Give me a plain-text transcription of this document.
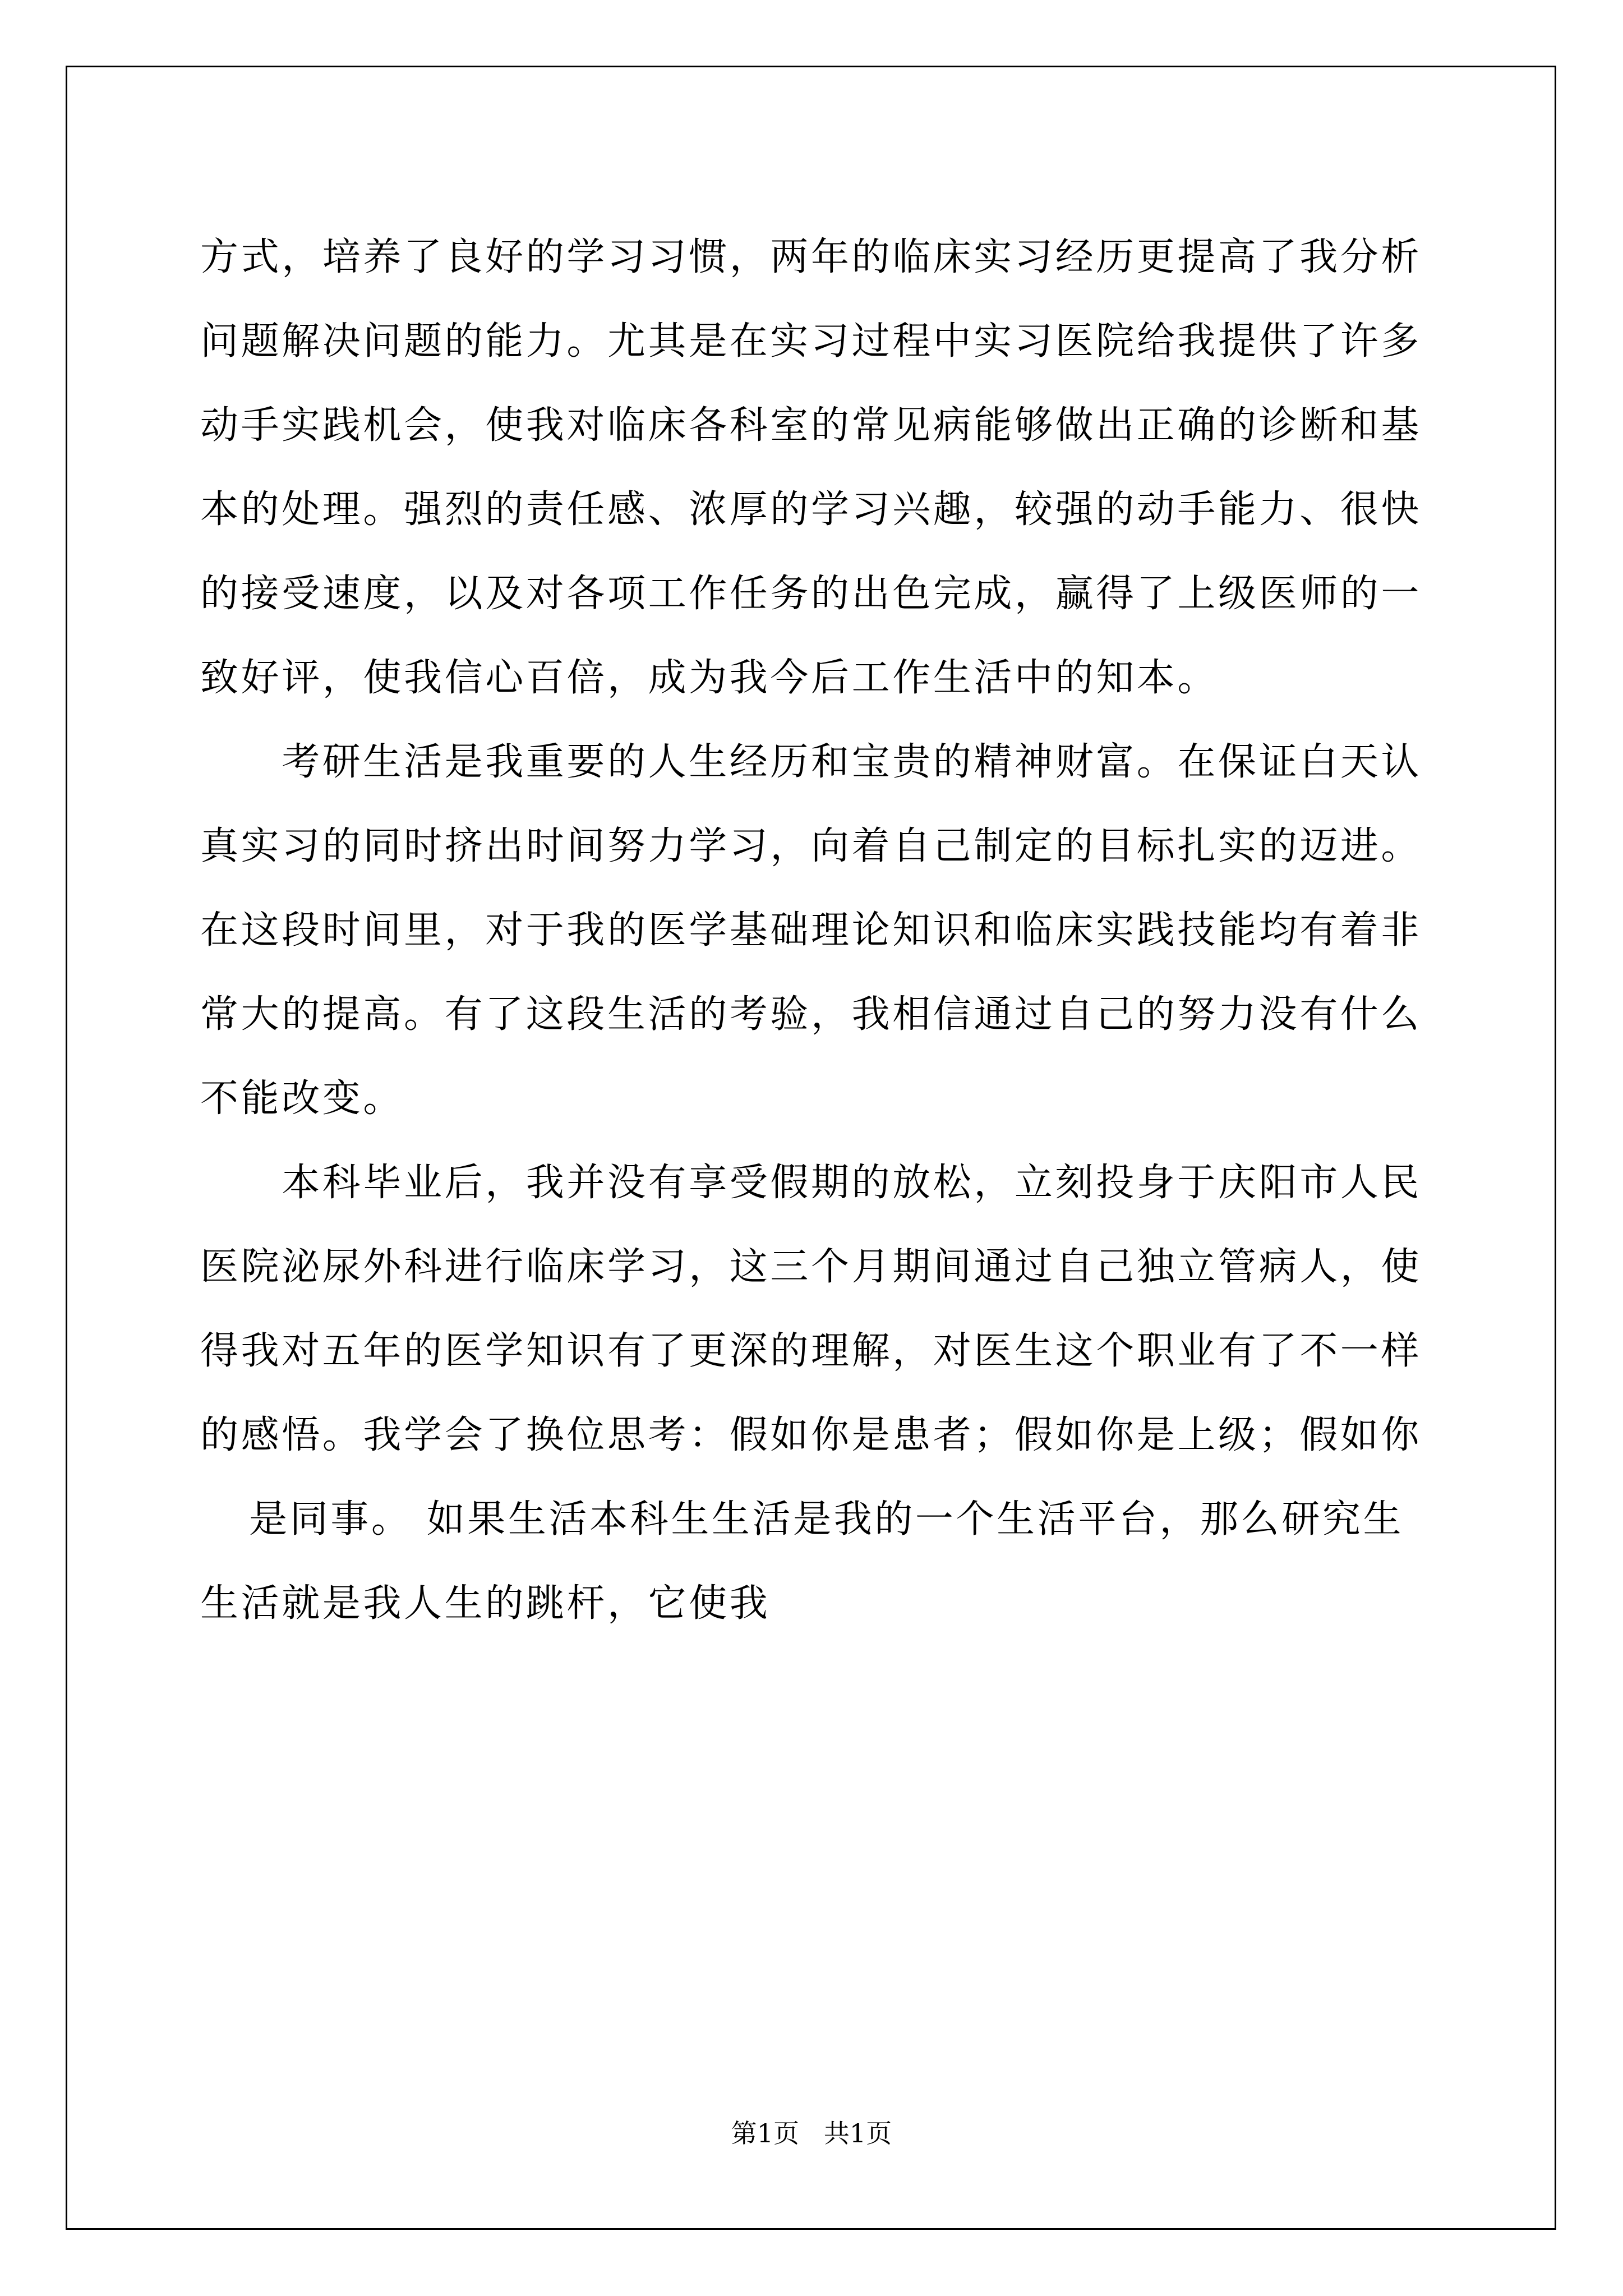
方式，培养了良好的学习习惯，两年的临床实习经历更提高了我分析
问题解决问题的能力。尤其是在实习过程中实习医院给我提供了许多
动手实践机会，使我对临床各科室的常见病能够做出正确的诊断和基
本的处理。强烈的责任感、浓厚的学习兴趣，较强的动手能力、很快
的接受速度，以及对各项工作任务的出色完成，赢得了上级医师的一
致好评，使我信心百倍，成为我今后工作生活中的知本。
考研生活是我重要的人生经历和宝贵的精神财富。在保证白天认
真实习的同时挤出时间努力学习，向着自己制定的目标扎实的迈进。
在这段时间里，对于我的医学基础理论知识和临床实践技能均有着非
常大的提高。有了这段生活的考验，我相信通过自己的努力没有什么
不能改变。
本科毕业后，我并没有享受假期的放松，立刻投身于庆阳市人民
医院泌尿外科进行临床学习，这三个月期间通过自己独立管病人，使
得我对五年的医学知识有了更深的理解，对医生这个职业有了不一样
的感悟。我学会了换位思考：假如你是患者；假如你是上级；假如你
是同事。 如果生活本科生生活是我的一个生活平台，那么研究生
生活就是我人生的跳杆，它使我
第1页   共1页
